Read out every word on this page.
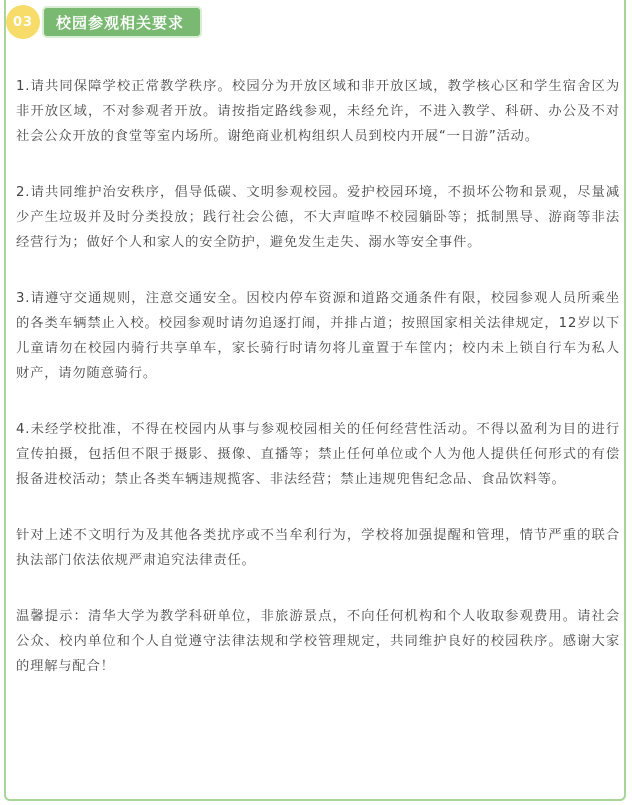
03	校园参观相关要求

1.请共同保障学校正常教学秩序。校园分为开放区域和非开放区域，教学核心区和学生宿舍区为非开放区域，不对参观者开放。请按指定路线参观，未经允许，不进入教学、科研、办公及不对社会公众开放的食堂等室内场所。谢绝商业机构组织人员到校内开展“一日游”活动。

2.请共同维护治安秩序，倡导低碳、文明参观校园。爱护校园环境，不损坏公物和景观，尽量减少产生垃圾并及时分类投放；践行社会公德，不大声喧哗不校园躺卧等；抵制黑导、游商等非法经营行为；做好个人和家人的安全防护，避免发生走失、溺水等安全事件。

3.请遵守交通规则，注意交通安全。因校内停车资源和道路交通条件有限，校园参观人员所乘坐的各类车辆禁止入校。校园参观时请勿追逐打闹，并排占道；按照国家相关法律规定，12岁以下儿童请勿在校园内骑行共享单车，家长骑行时请勿将儿童置于车筐内；校内未上锁自行车为私人财产，请勿随意骑行。

4.未经学校批准，不得在校园内从事与参观校园相关的任何经营性活动。不得以盈利为目的进行宣传拍摄，包括但不限于摄影、摄像、直播等；禁止任何单位或个人为他人提供任何形式的有偿报备进校活动；禁止各类车辆违规揽客、非法经营；禁止违规兜售纪念品、食品饮料等。

针对上述不文明行为及其他各类扰序或不当牟利行为，学校将加强提醒和管理，情节严重的联合执法部门依法依规严肃追究法律责任。

温馨提示：清华大学为教学科研单位，非旅游景点，不向任何机构和个人收取参观费用。请社会公众、校内单位和个人自觉遵守法律法规和学校管理规定，共同维护良好的校园秩序。感谢大家的理解与配合！
